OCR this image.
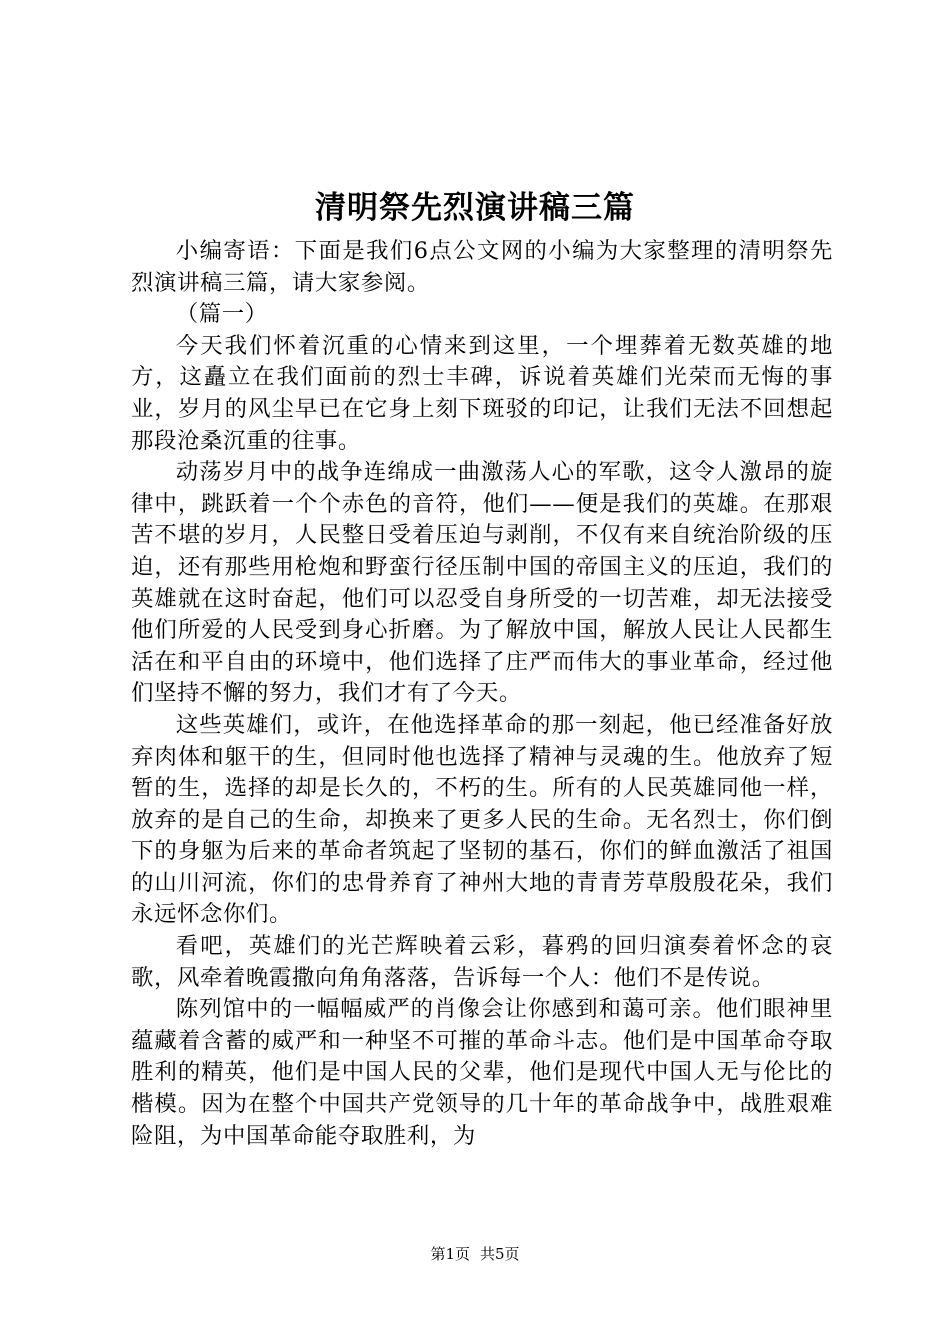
清明祭先烈演讲稿三篇

小编寄语：下面是我们6点公文网的小编为大家整理的清明祭先烈演讲稿三篇，请大家参阅。

（篇一）

今天我们怀着沉重的心情来到这里，一个埋葬着无数英雄的地方，这矗立在我们面前的烈士丰碑，诉说着英雄们光荣而无悔的事业，岁月的风尘早已在它身上刻下斑驳的印记，让我们无法不回想起那段沧桑沉重的往事。

动荡岁月中的战争连绵成一曲激荡人心的军歌，这令人激昂的旋律中，跳跃着一个个赤色的音符，他们——便是我们的英雄。在那艰苦不堪的岁月，人民整日受着压迫与剥削，不仅有来自统治阶级的压迫，还有那些用枪炮和野蛮行径压制中国的帝国主义的压迫，我们的英雄就在这时奋起，他们可以忍受自身所受的一切苦难，却无法接受他们所爱的人民受到身心折磨。为了解放中国，解放人民让人民都生活在和平自由的环境中，他们选择了庄严而伟大的事业革命，经过他们坚持不懈的努力，我们才有了今天。

这些英雄们，或许，在他选择革命的那一刻起，他已经准备好放弃肉体和躯干的生，但同时他也选择了精神与灵魂的生。他放弃了短暂的生，选择的却是长久的，不朽的生。所有的人民英雄同他一样，放弃的是自己的生命，却换来了更多人民的生命。无名烈士，你们倒下的身躯为后来的革命者筑起了坚韧的基石，你们的鲜血激活了祖国的山川河流，你们的忠骨养育了神州大地的青青芳草殷殷花朵，我们永远怀念你们。

看吧，英雄们的光芒辉映着云彩，暮鸦的回归演奏着怀念的哀歌，风牵着晚霞撒向角角落落，告诉每一个人：他们不是传说。

陈列馆中的一幅幅威严的肖像会让你感到和蔼可亲。他们眼神里蕴藏着含蓄的威严和一种坚不可摧的革命斗志。他们是中国革命夺取胜利的精英，他们是中国人民的父辈，他们是现代中国人无与伦比的楷模。因为在整个中国共产党领导的几十年的革命战争中，战胜艰难险阻，为中国革命能夺取胜利，为

第1页 共5页
